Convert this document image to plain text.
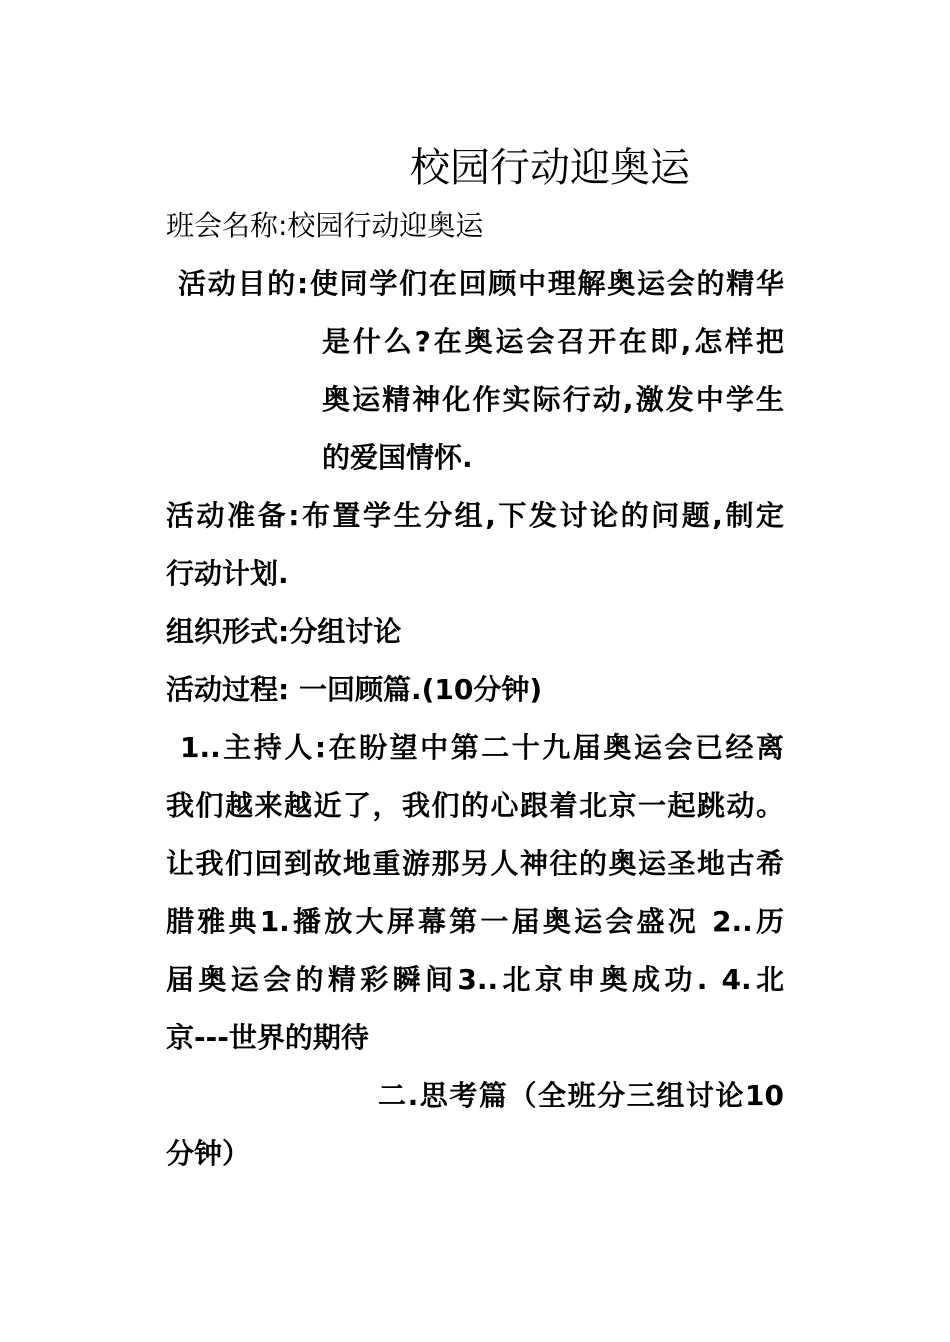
校园行动迎奥运
班会名称:校园行动迎奥运
活动目的:使同学们在回顾中理解奥运会的精华
是什么?在奥运会召开在即,怎样把
奥运精神化作实际行动,激发中学生
的爱国情怀.
活动准备:布置学生分组,下发讨论的问题,制定
行动计划.
组织形式:分组讨论
活动过程: 一回顾篇.(10分钟)
1..主持人:在盼望中第二十九届奥运会已经离
我们越来越近了，我们的心跟着北京一起跳动。
让我们回到故地重游那另人神往的奥运圣地古希
腊雅典1.播放大屏幕第一届奥运会盛况 2..历
届奥运会的精彩瞬间3..北京申奥成功. 4.北
京---世界的期待
二.思考篇（全班分三组讨论10
分钟）
